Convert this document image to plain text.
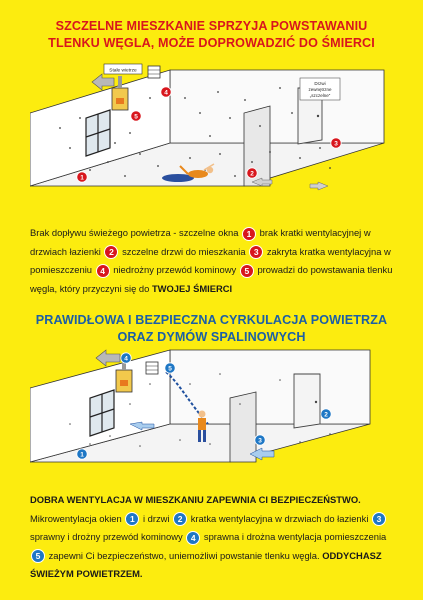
SZCZELNE MIESZKANIE SPRZYJA POWSTAWANIU
TLENKU WĘGLA, MOŻE DOPROWADZIĆ DO ŚMIERCI
Stałe wietrze
Drzwi
zewnętrzne
„szczelne”
1
2
3
4
5

Brak dopływu świeżego powietrza - szczelne okna 1 brak kratki wentylacyjnej w drzwiach łazienki 2 szczelne drzwi do mieszkania 3 zakryta kratka wentylacyjna w pomieszczeniu 4 niedrożny przewód kominowy 5 prowadzi do powstawania tlenku węgla, który przyczyni się do TWOJEJ ŚMIERCI

PRAWIDŁOWA I BEZPIECZNA CYRKULACJA POWIETRZA
ORAZ DYMÓW SPALINOWYCH
1
2
3
4
5

DOBRA WENTYLACJA W MIESZKANIU ZAPEWNIA CI BEZPIECZEŃSTWO.
Mikrowentylacja okien 1 i drzwi 2 kratka wentylacyjna w drzwiach do łazienki 3 sprawny i drożny przewód kominowy 4 sprawna i drożna wentylacja pomieszczenia 5 zapewni Ci bezpieczeństwo, uniemożliwi powstanie tlenku węgla. ODDYCHASZ ŚWIEŻYM POWIETRZEM.
